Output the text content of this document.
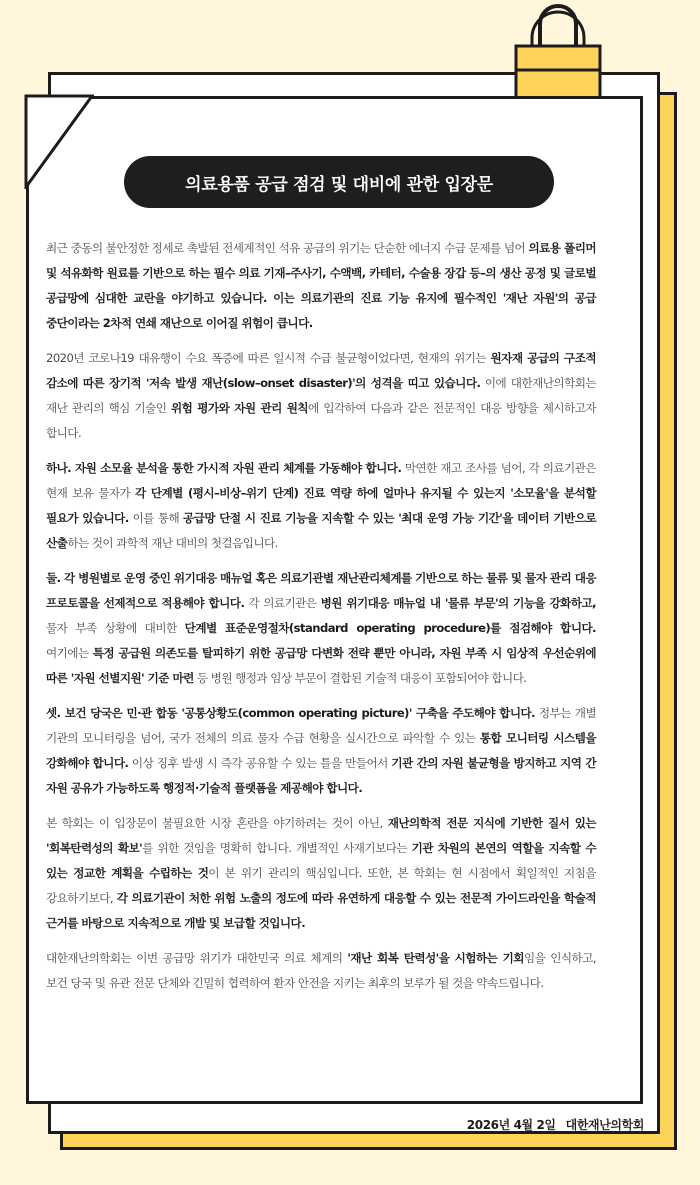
의료용품 공급 점검 및 대비에 관한 입장문

최근 중동의 불안정한 정세로 촉발된 전세계적인 석유 공급의 위기는 단순한 에너지 수급 문제를 넘어 의료용 폴리머 및 석유화학 원료를 기반으로 하는 필수 의료 기재–주사기, 수액백, 카테터, 수술용 장갑 등–의 생산 공정 및 글로벌 공급망에 심대한 교란을 야기하고 있습니다. 이는 의료기관의 진료 기능 유지에 필수적인 '재난 자원'의 공급 중단이라는 2차적 연쇄 재난으로 이어질 위험이 큽니다.

2020년 코로나19 대유행이 수요 폭증에 따른 일시적 수급 불균형이었다면, 현재의 위기는 원자재 공급의 구조적 감소에 따른 장기적 '저속 발생 재난(slow–onset disaster)'의 성격을 띠고 있습니다. 이에 대한재난의학회는 재난 관리의 핵심 기술인 위험 평가와 자원 관리 원칙에 입각하여 다음과 같은 전문적인 대응 방향을 제시하고자 합니다.

하나. 자원 소모율 분석을 통한 가시적 자원 관리 체계를 가동해야 합니다. 막연한 재고 조사를 넘어, 각 의료기관은 현재 보유 물자가 각 단계별 (평시–비상–위기 단계) 진료 역량 하에 얼마나 유지될 수 있는지 '소모율'을 분석할 필요가 있습니다. 이를 통해 공급망 단절 시 진료 기능을 지속할 수 있는 '최대 운영 가능 기간'을 데이터 기반으로 산출하는 것이 과학적 재난 대비의 첫걸음입니다.

둘. 각 병원별로 운영 중인 위기대응 매뉴얼 혹은 의료기관별 재난관리체계를 기반으로 하는 물류 및 물자 관리 대응 프로토콜을 선제적으로 적용해야 합니다. 각 의료기관은 병원 위기대응 매뉴얼 내 '물류 부문'의 기능을 강화하고, 물자 부족 상황에 대비한 단계별 표준운영절차(standard operating procedure)를 점검해야 합니다. 여기에는 특정 공급원 의존도를 탈피하기 위한 공급망 다변화 전략 뿐만 아니라, 자원 부족 시 임상적 우선순위에 따른 '자원 선별지원' 기준 마련 등 병원 행정과 임상 부문이 결합된 기술적 대응이 포함되어야 합니다.

셋. 보건 당국은 민·관 합동 '공통상황도(common operating picture)' 구축을 주도해야 합니다. 정부는 개별 기관의 모니터링을 넘어, 국가 전체의 의료 물자 수급 현황을 실시간으로 파악할 수 있는 통합 모니터링 시스템을 강화해야 합니다. 이상 징후 발생 시 즉각 공유할 수 있는 틀을 만들어서 기관 간의 자원 불균형을 방지하고 지역 간 자원 공유가 가능하도록 행정적·기술적 플랫폼을 제공해야 합니다.

본 학회는 이 입장문이 불필요한 시장 혼란을 야기하려는 것이 아닌, 재난의학적 전문 지식에 기반한 질서 있는 '회복탄력성의 확보'를 위한 것임을 명확히 합니다. 개별적인 사재기보다는 기관 차원의 본연의 역할을 지속할 수 있는 정교한 계획을 수립하는 것이 본 위기 관리의 핵심입니다. 또한, 본 학회는 현 시점에서 획일적인 지침을 강요하기보다, 각 의료기관이 처한 위험 노출의 정도에 따라 유연하게 대응할 수 있는 전문적 가이드라인을 학술적 근거를 바탕으로 지속적으로 개발 및 보급할 것입니다.

대한재난의학회는 이번 공급망 위기가 대한민국 의료 체계의 '재난 회복 탄력성'을 시험하는 기회임을 인식하고, 보건 당국 및 유관 전문 단체와 긴밀히 협력하여 환자 안전을 지키는 최후의 보루가 될 것을 약속드립니다.

2026년 4월 2일 대한재난의학회
